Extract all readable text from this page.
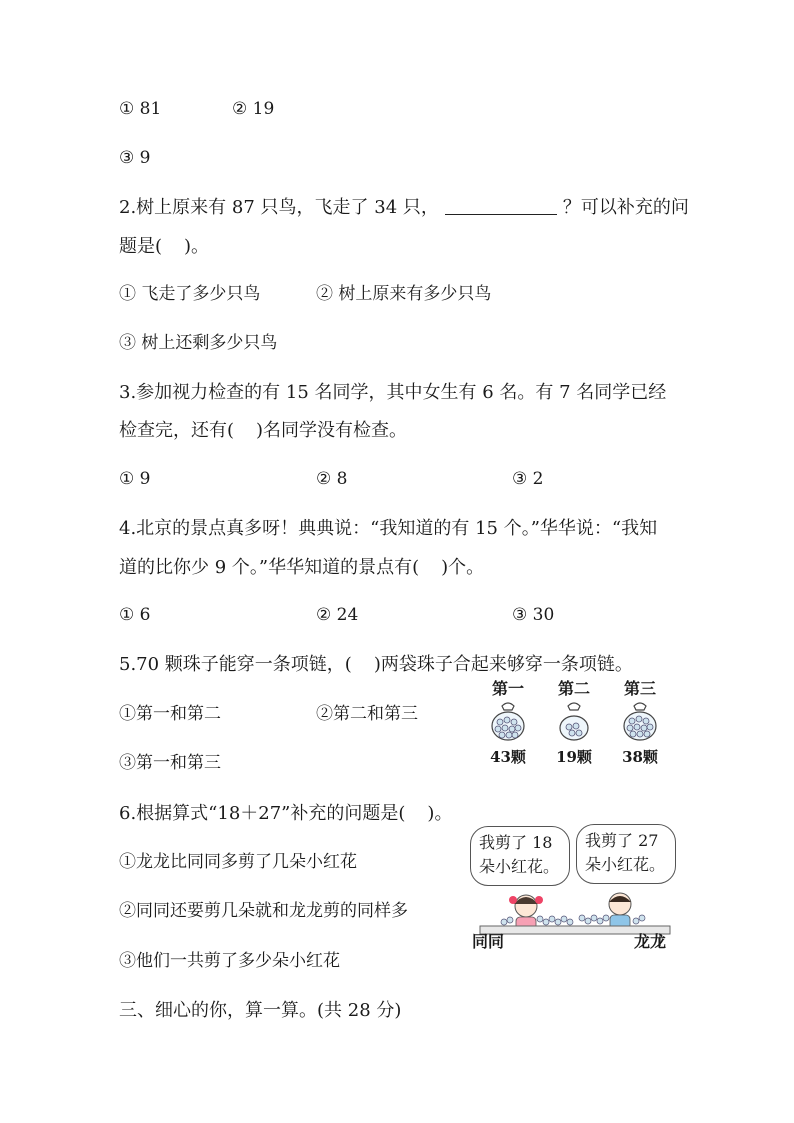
① 81	② 19
③ 9
2.树上原来有 87 只鸟，飞走了 34 只，	？可以补充的问
题是( )。
① 飞走了多少只鸟	② 树上原来有多少只鸟
③ 树上还剩多少只鸟
3.参加视力检查的有 15 名同学，其中女生有 6 名。有 7 名同学已经
检查完，还有( )名同学没有检查。
① 9	② 8	③ 2
4.北京的景点真多呀！典典说：“我知道的有 15 个。”华华说：“我知
道的比你少 9 个。”华华知道的景点有( )个。
① 6	② 24	③ 30
5.70 颗珠子能穿一条项链，( )两袋珠子合起来够穿一条项链。
①第一和第二	②第二和第三
③第一和第三
第一	第二	第三
43颗	19颗	38颗
6.根据算式“18＋27”补充的问题是( )。
①龙龙比同同多剪了几朵小红花
②同同还要剪几朵就和龙龙剪的同样多
③他们一共剪了多少朵小红花
我剪了 18 朵小红花。
我剪了 27 朵小红花。
同同	龙龙
三、细心的你，算一算。(共 28 分)
